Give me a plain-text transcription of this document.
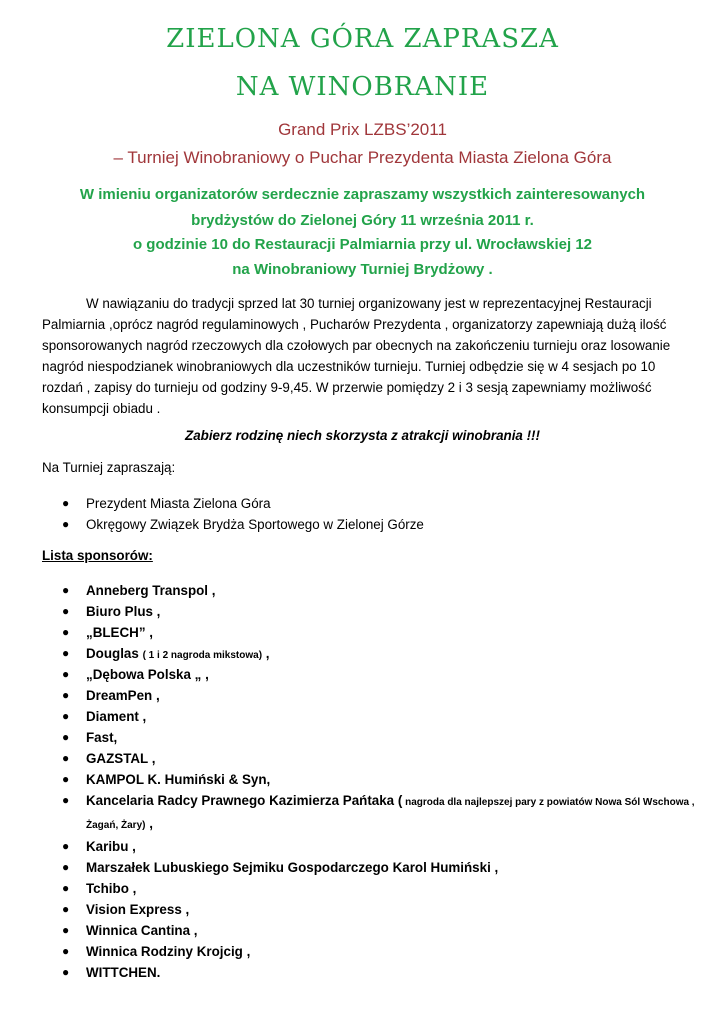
ZIELONA GÓRA ZAPRASZA
NA WINOBRANIE
Grand Prix LZBS’2011
– Turniej Winobraniowy o Puchar Prezydenta Miasta Zielona Góra
W imieniu organizatorów serdecznie zapraszamy wszystkich zainteresowanych
brydżystów do Zielonej Góry 11 września 2011 r.
o godzinie 10 do Restauracji Palmiarnia przy ul. Wrocławskiej 12
na Winobraniowy Turniej Brydżowy .

W nawiązaniu do tradycji sprzed lat 30 turniej organizowany jest w reprezentacyjnej Restauracji Palmiarnia ,oprócz nagród regulaminowych , Pucharów Prezydenta , organizatorzy zapewniają dużą ilość sponsorowanych nagród rzeczowych dla czołowych par obecnych na zakończeniu turnieju oraz losowanie nagród niespodzianek winobraniowych dla uczestników turnieju. Turniej odbędzie się w 4 sesjach po 10 rozdań , zapisy do turnieju od godziny 9-9,45. W przerwie pomiędzy 2 i 3 sesją zapewniamy możliwość konsumpcji obiadu .

Zabierz rodzinę niech skorzysta z atrakcji winobrania !!!
Na Turniej zapraszają:
●	Prezydent Miasta Zielona Góra
●	Okręgowy Związek Brydża Sportowego w Zielonej Górze
Lista sponsorów:
●	Anneberg Transpol ,
●	Biuro Plus ,
●	„BLECH” ,
●	Douglas ( 1 i 2 nagroda mikstowa) ,
●	„Dębowa Polska „ ,
●	DreamPen ,
●	Diament ,
●	Fast,
●	GAZSTAL ,
●	KAMPOL K. Humiński & Syn,
●	Kancelaria Radcy Prawnego Kazimierza Pańtaka ( nagroda dla najlepszej pary z powiatów Nowa Sól Wschowa , Żagań, Żary) ,
●	Karibu ,
●	Marszałek Lubuskiego Sejmiku Gospodarczego Karol Humiński ,
●	Tchibo ,
●	Vision Express ,
●	Winnica Cantina ,
●	Winnica Rodziny Krojcig ,
●	WITTCHEN.
